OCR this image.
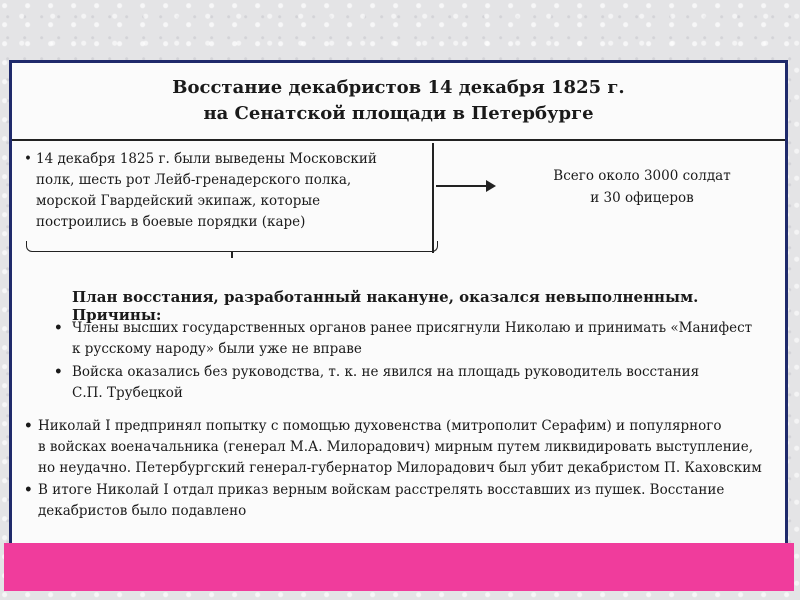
Восстание декабристов 14 декабря 1825 г.
на Сенатской площади в Петербурге
• 14 декабря 1825 г. были выведены Московский
полк, шесть рот Лейб-гренадерского полка,
морской Гвардейский экипаж, которые
построились в боевые порядки (каре)
Всего около 3000 солдат
и 30 офицеров
План восстания, разработанный накануне, оказался невыполненным. Причины:
• Члены высших государственных органов ранее присягнули Николаю и принимать «Манифест
к русскому народу» были уже не вправе
• Войска оказались без руководства, т. к. не явился на площадь руководитель восстания
С.П. Трубецкой
• Николай I предпринял попытку с помощью духовенства (митрополит Серафим) и популярного
в войсках военачальника (генерал М.А. Милорадович) мирным путем ликвидировать выступление,
но неудачно. Петербургский генерал-губернатор Милорадович был убит декабристом П. Каховским
• В итоге Николай I отдал приказ верным войскам расстрелять восставших из пушек. Восстание
декабристов было подавлено
